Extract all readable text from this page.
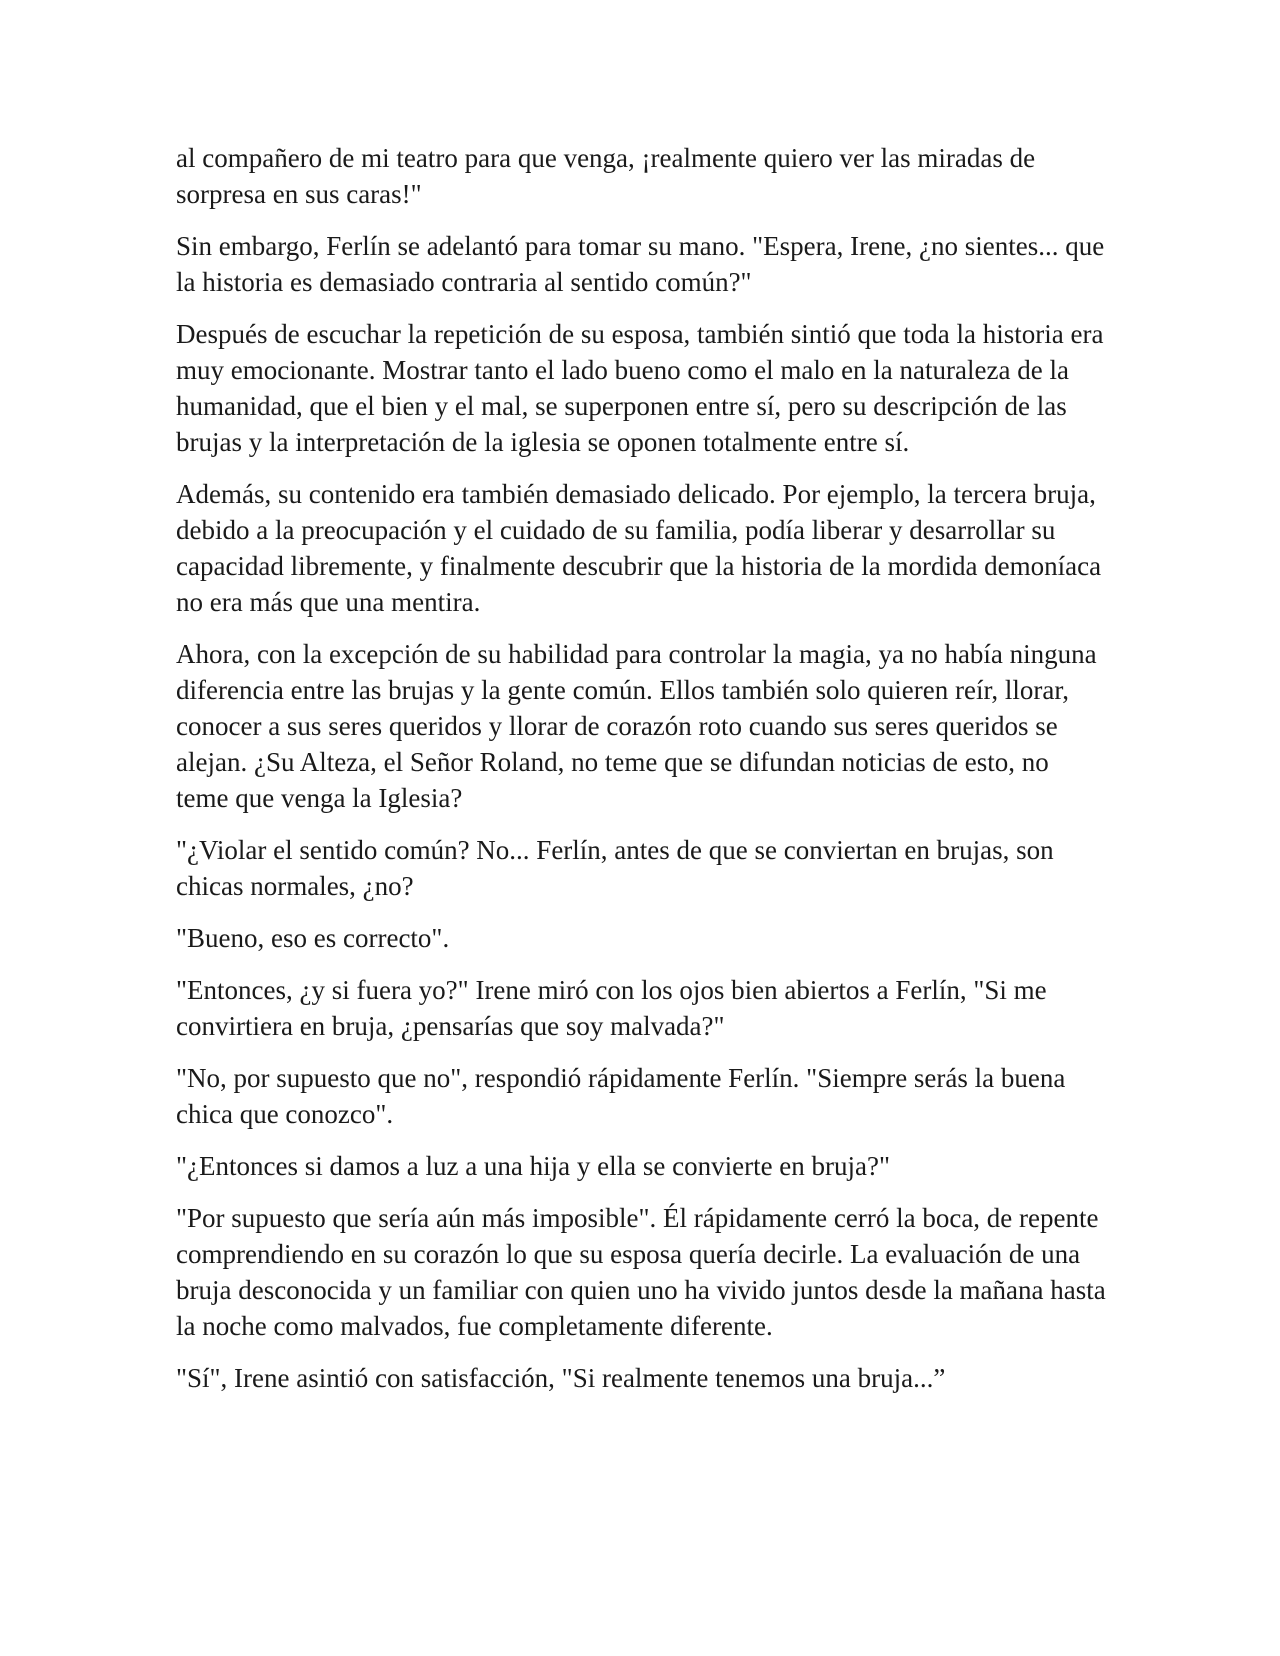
al compañero de mi teatro para que venga, ¡realmente quiero ver las miradas de sorpresa en sus caras!"

Sin embargo, Ferlín se adelantó para tomar su mano. "Espera, Irene, ¿no sientes... que la historia es demasiado contraria al sentido común?"

Después de escuchar la repetición de su esposa, también sintió que toda la historia era muy emocionante. Mostrar tanto el lado bueno como el malo en la naturaleza de la humanidad, que el bien y el mal, se superponen entre sí, pero su descripción de las brujas y la interpretación de la iglesia se oponen totalmente entre sí.

Además, su contenido era también demasiado delicado. Por ejemplo, la tercera bruja, debido a la preocupación y el cuidado de su familia, podía liberar y desarrollar su capacidad libremente, y finalmente descubrir que la historia de la mordida demoníaca no era más que una mentira.

Ahora, con la excepción de su habilidad para controlar la magia, ya no había ninguna diferencia entre las brujas y la gente común. Ellos también solo quieren reír, llorar, conocer a sus seres queridos y llorar de corazón roto cuando sus seres queridos se alejan. ¿Su Alteza, el Señor Roland, no teme que se difundan noticias de esto, no teme que venga la Iglesia?

"¿Violar el sentido común? No... Ferlín, antes de que se conviertan en brujas, son chicas normales, ¿no?

"Bueno, eso es correcto".

"Entonces, ¿y si fuera yo?" Irene miró con los ojos bien abiertos a Ferlín, "Si me convirtiera en bruja, ¿pensarías que soy malvada?"

"No, por supuesto que no", respondió rápidamente Ferlín. "Siempre serás la buena chica que conozco".

"¿Entonces si damos a luz a una hija y ella se convierte en bruja?"

"Por supuesto que sería aún más imposible". Él rápidamente cerró la boca, de repente comprendiendo en su corazón lo que su esposa quería decirle. La evaluación de una bruja desconocida y un familiar con quien uno ha vivido juntos desde la mañana hasta la noche como malvados, fue completamente diferente.

"Sí", Irene asintió con satisfacción, "Si realmente tenemos una bruja...”
